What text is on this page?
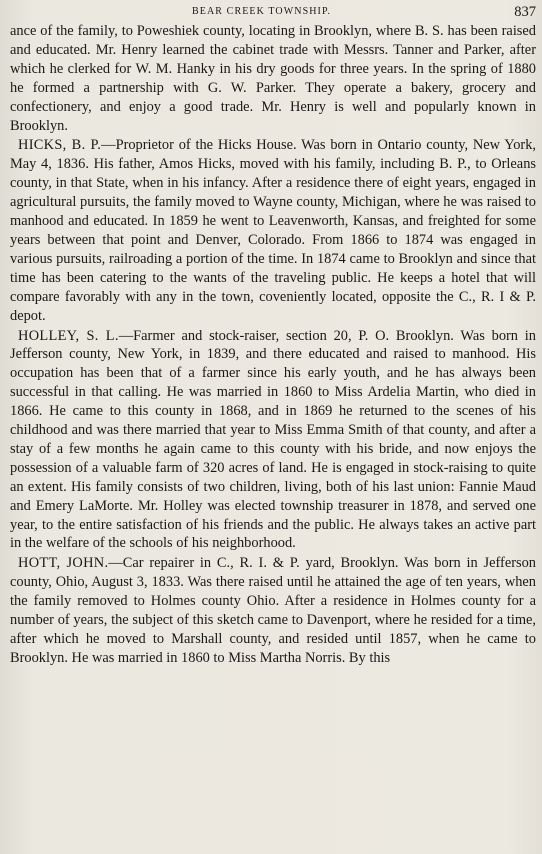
BEAR CREEK TOWNSHIP.	837

ance of the family, to Poweshiek county, locating in Brooklyn, where B. S. has been raised and educated. Mr. Henry learned the cabinet trade with Messrs. Tanner and Parker, after which he clerked for W. M. Hanky in his dry goods for three years. In the spring of 1880 he formed a partnership with G. W. Parker. They operate a bakery, grocery and confectionery, and enjoy a good trade. Mr. Henry is well and popularly known in Brooklyn.

HICKS, B. P.—Proprietor of the Hicks House. Was born in Ontario county, New York, May 4, 1836. His father, Amos Hicks, moved with his family, including B. P., to Orleans county, in that State, when in his infancy. After a residence there of eight years, engaged in agricultural pursuits, the family moved to Wayne county, Michigan, where he was raised to manhood and educated. In 1859 he went to Leavenworth, Kansas, and freighted for some years between that point and Denver, Colorado. From 1866 to 1874 was engaged in various pursuits, railroading a portion of the time. In 1874 came to Brooklyn and since that time has been catering to the wants of the traveling public. He keeps a hotel that will compare favorably with any in the town, coveniently located, opposite the C., R. I & P. depot.

HOLLEY, S. L.—Farmer and stock-raiser, section 20, P. O. Brooklyn. Was born in Jefferson county, New York, in 1839, and there educated and raised to manhood. His occupation has been that of a farmer since his early youth, and he has always been successful in that calling. He was married in 1860 to Miss Ardelia Martin, who died in 1866. He came to this county in 1868, and in 1869 he returned to the scenes of his childhood and was there married that year to Miss Emma Smith of that county, and after a stay of a few months he again came to this county with his bride, and now enjoys the possession of a valuable farm of 320 acres of land. He is engaged in stock-raising to quite an extent. His family consists of two children, living, both of his last union: Fannie Maud and Emery LaMorte. Mr. Holley was elected township treasurer in 1878, and served one year, to the entire satisfaction of his friends and the public. He always takes an active part in the welfare of the schools of his neighborhood.

HOTT, JOHN.—Car repairer in C., R. I. & P. yard, Brooklyn. Was born in Jefferson county, Ohio, August 3, 1833. Was there raised until he attained the age of ten years, when the family removed to Holmes county Ohio. After a residence in Holmes county for a number of years, the subject of this sketch came to Davenport, where he resided for a time, after which he moved to Marshall county, and resided until 1857, when he came to Brooklyn. He was married in 1860 to Miss Martha Norris. By this
